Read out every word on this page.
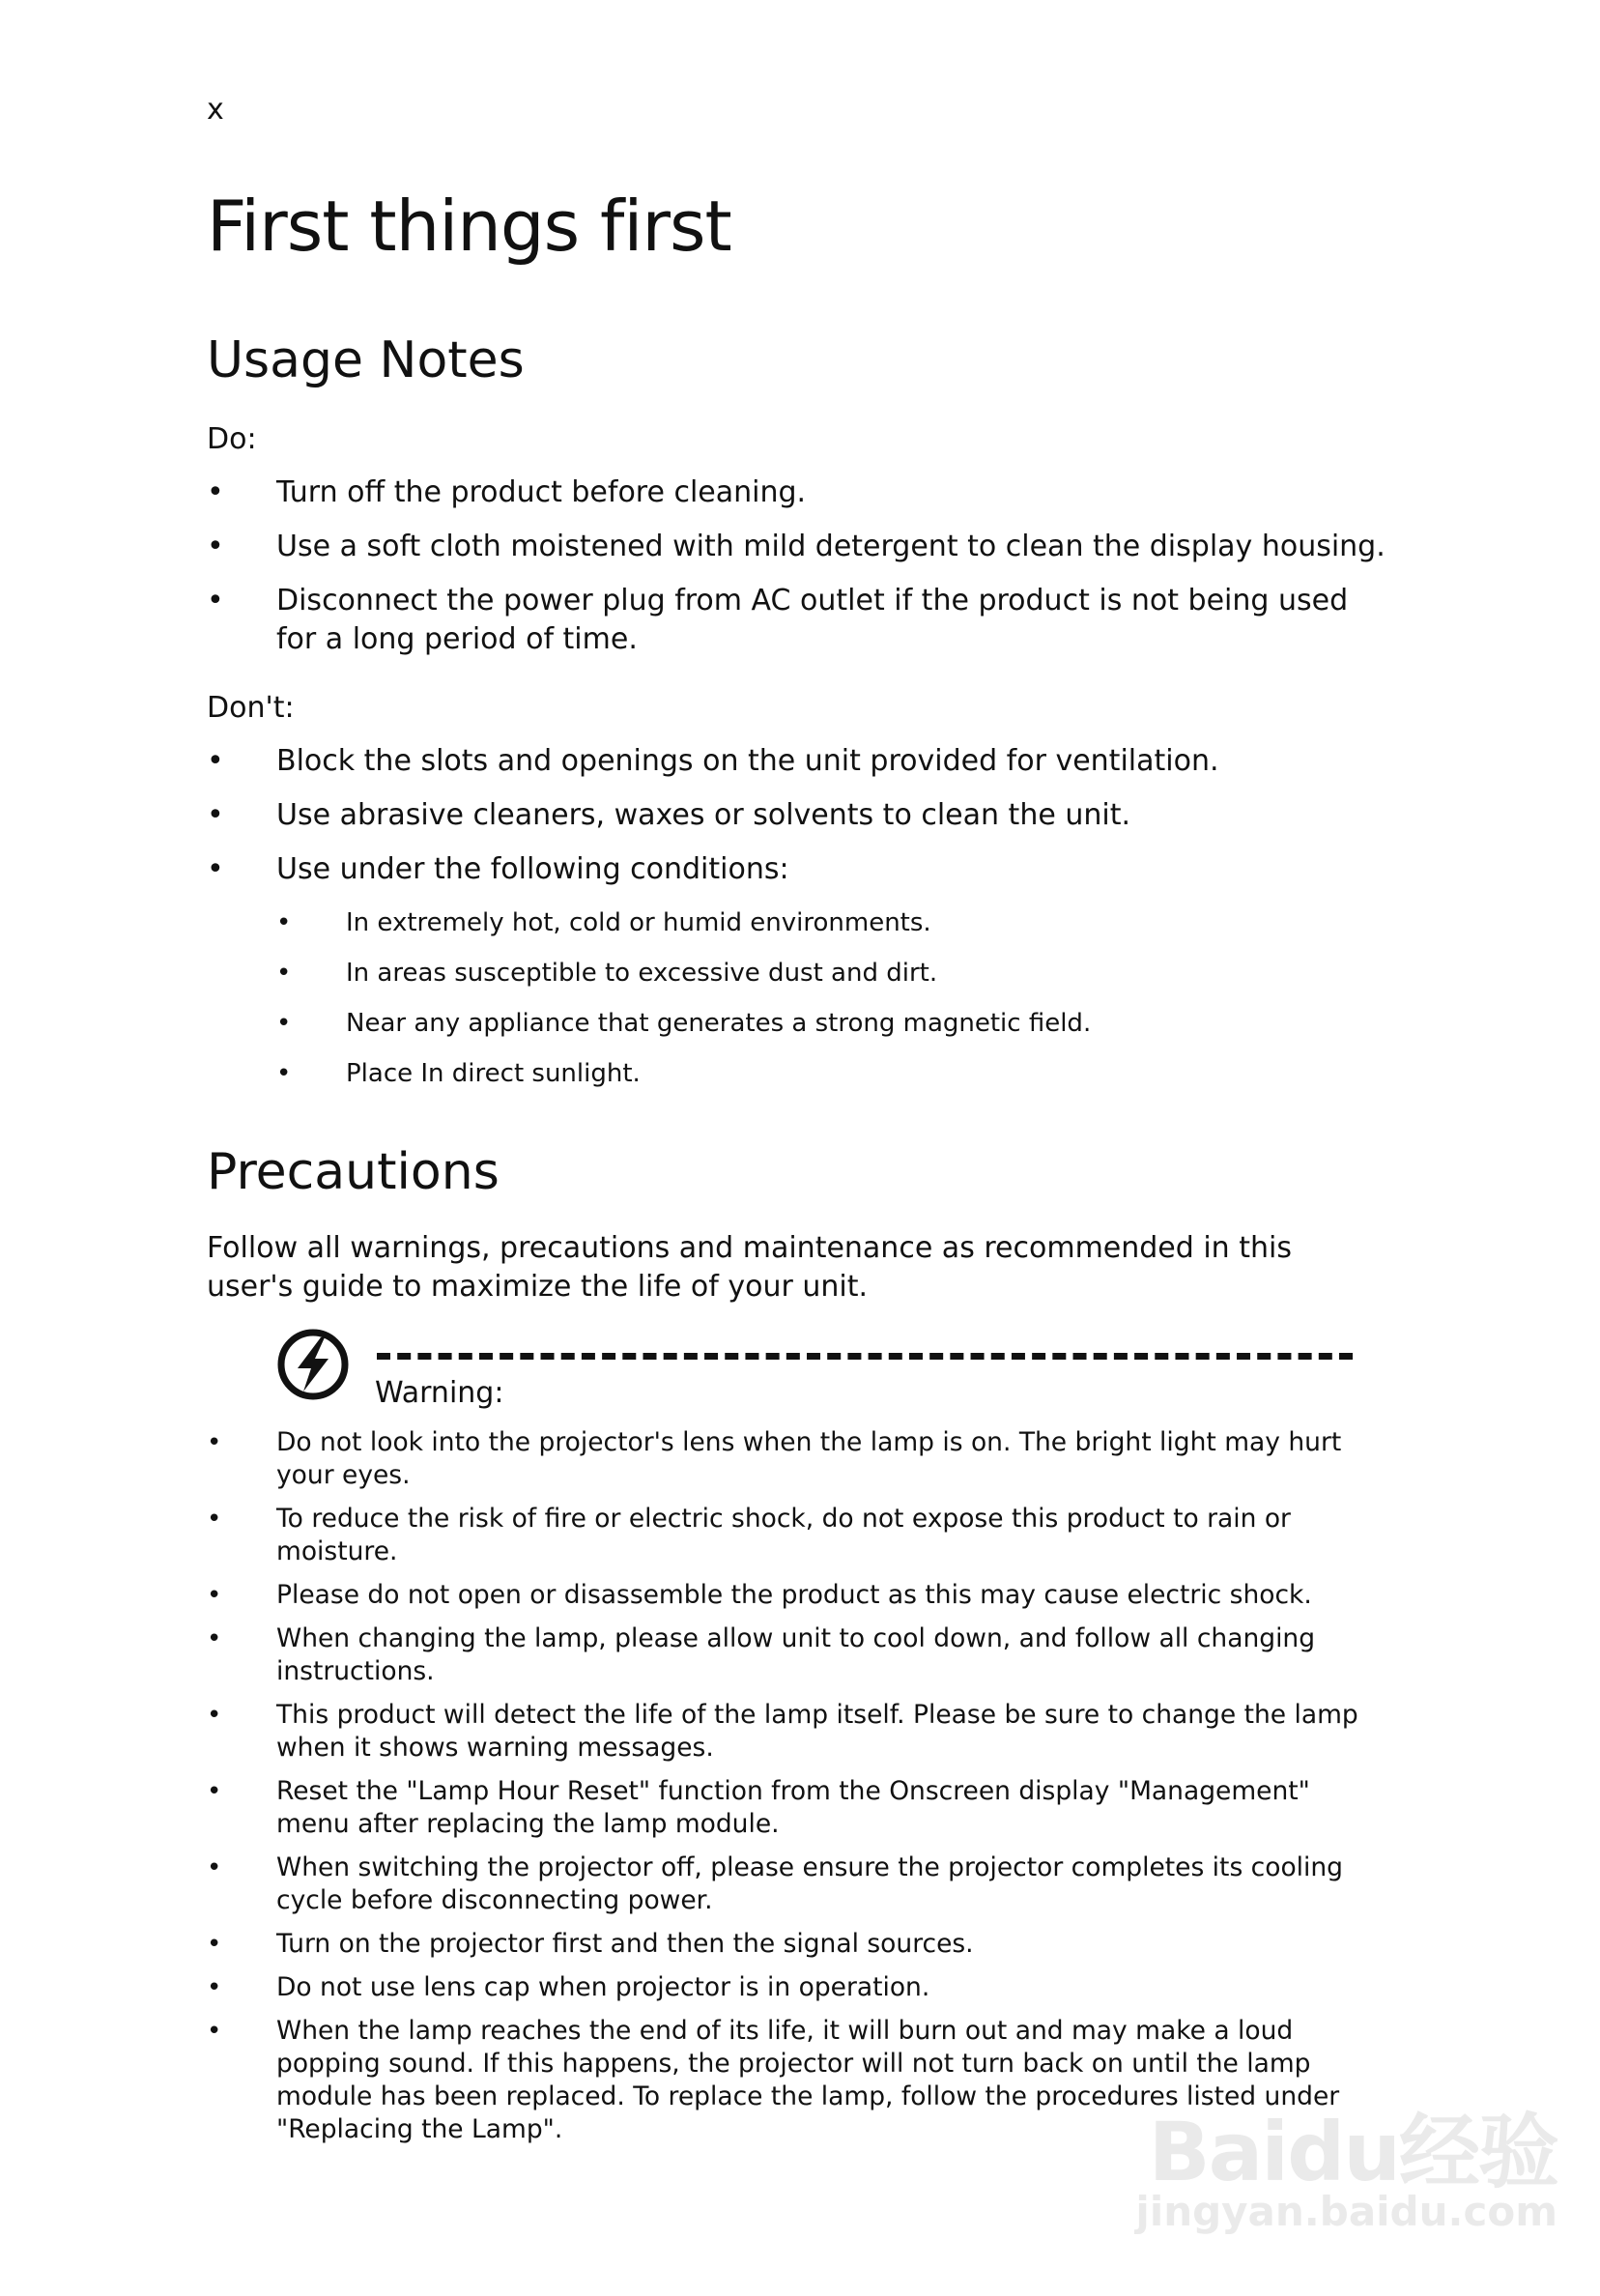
x

First things first
Usage Notes

Do:

• Turn off the product before cleaning.
• Use a soft cloth moistened with mild detergent to clean the display housing.
• Disconnect the power plug from AC outlet if the product is not being used for a long period of time.

Don't:

• Block the slots and openings on the unit provided for ventilation.
• Use abrasive cleaners, waxes or solvents to clean the unit.
• Use under the following conditions:
• In extremely hot, cold or humid environments.
• In areas susceptible to excessive dust and dirt.
• Near any appliance that generates a strong magnetic field.
• Place In direct sunlight.
Precautions

Follow all warnings, precautions and maintenance as recommended in this user's guide to maximize the life of your unit.

Warning:

• Do not look into the projector's lens when the lamp is on. The bright light may hurt your eyes.
• To reduce the risk of fire or electric shock, do not expose this product to rain or moisture.
• Please do not open or disassemble the product as this may cause electric shock.
• When changing the lamp, please allow unit to cool down, and follow all changing instructions.
• This product will detect the life of the lamp itself. Please be sure to change the lamp when it shows warning messages.
• Reset the "Lamp Hour Reset" function from the Onscreen display "Management" menu after replacing the lamp module.
• When switching the projector off, please ensure the projector completes its cooling cycle before disconnecting power.
• Turn on the projector first and then the signal sources.
• Do not use lens cap when projector is in operation.
• When the lamp reaches the end of its life, it will burn out and may make a loud popping sound. If this happens, the projector will not turn back on until the lamp module has been replaced. To replace the lamp, follow the procedures listed under "Replacing the Lamp".	Baidu经验
jingyan.baidu.com
